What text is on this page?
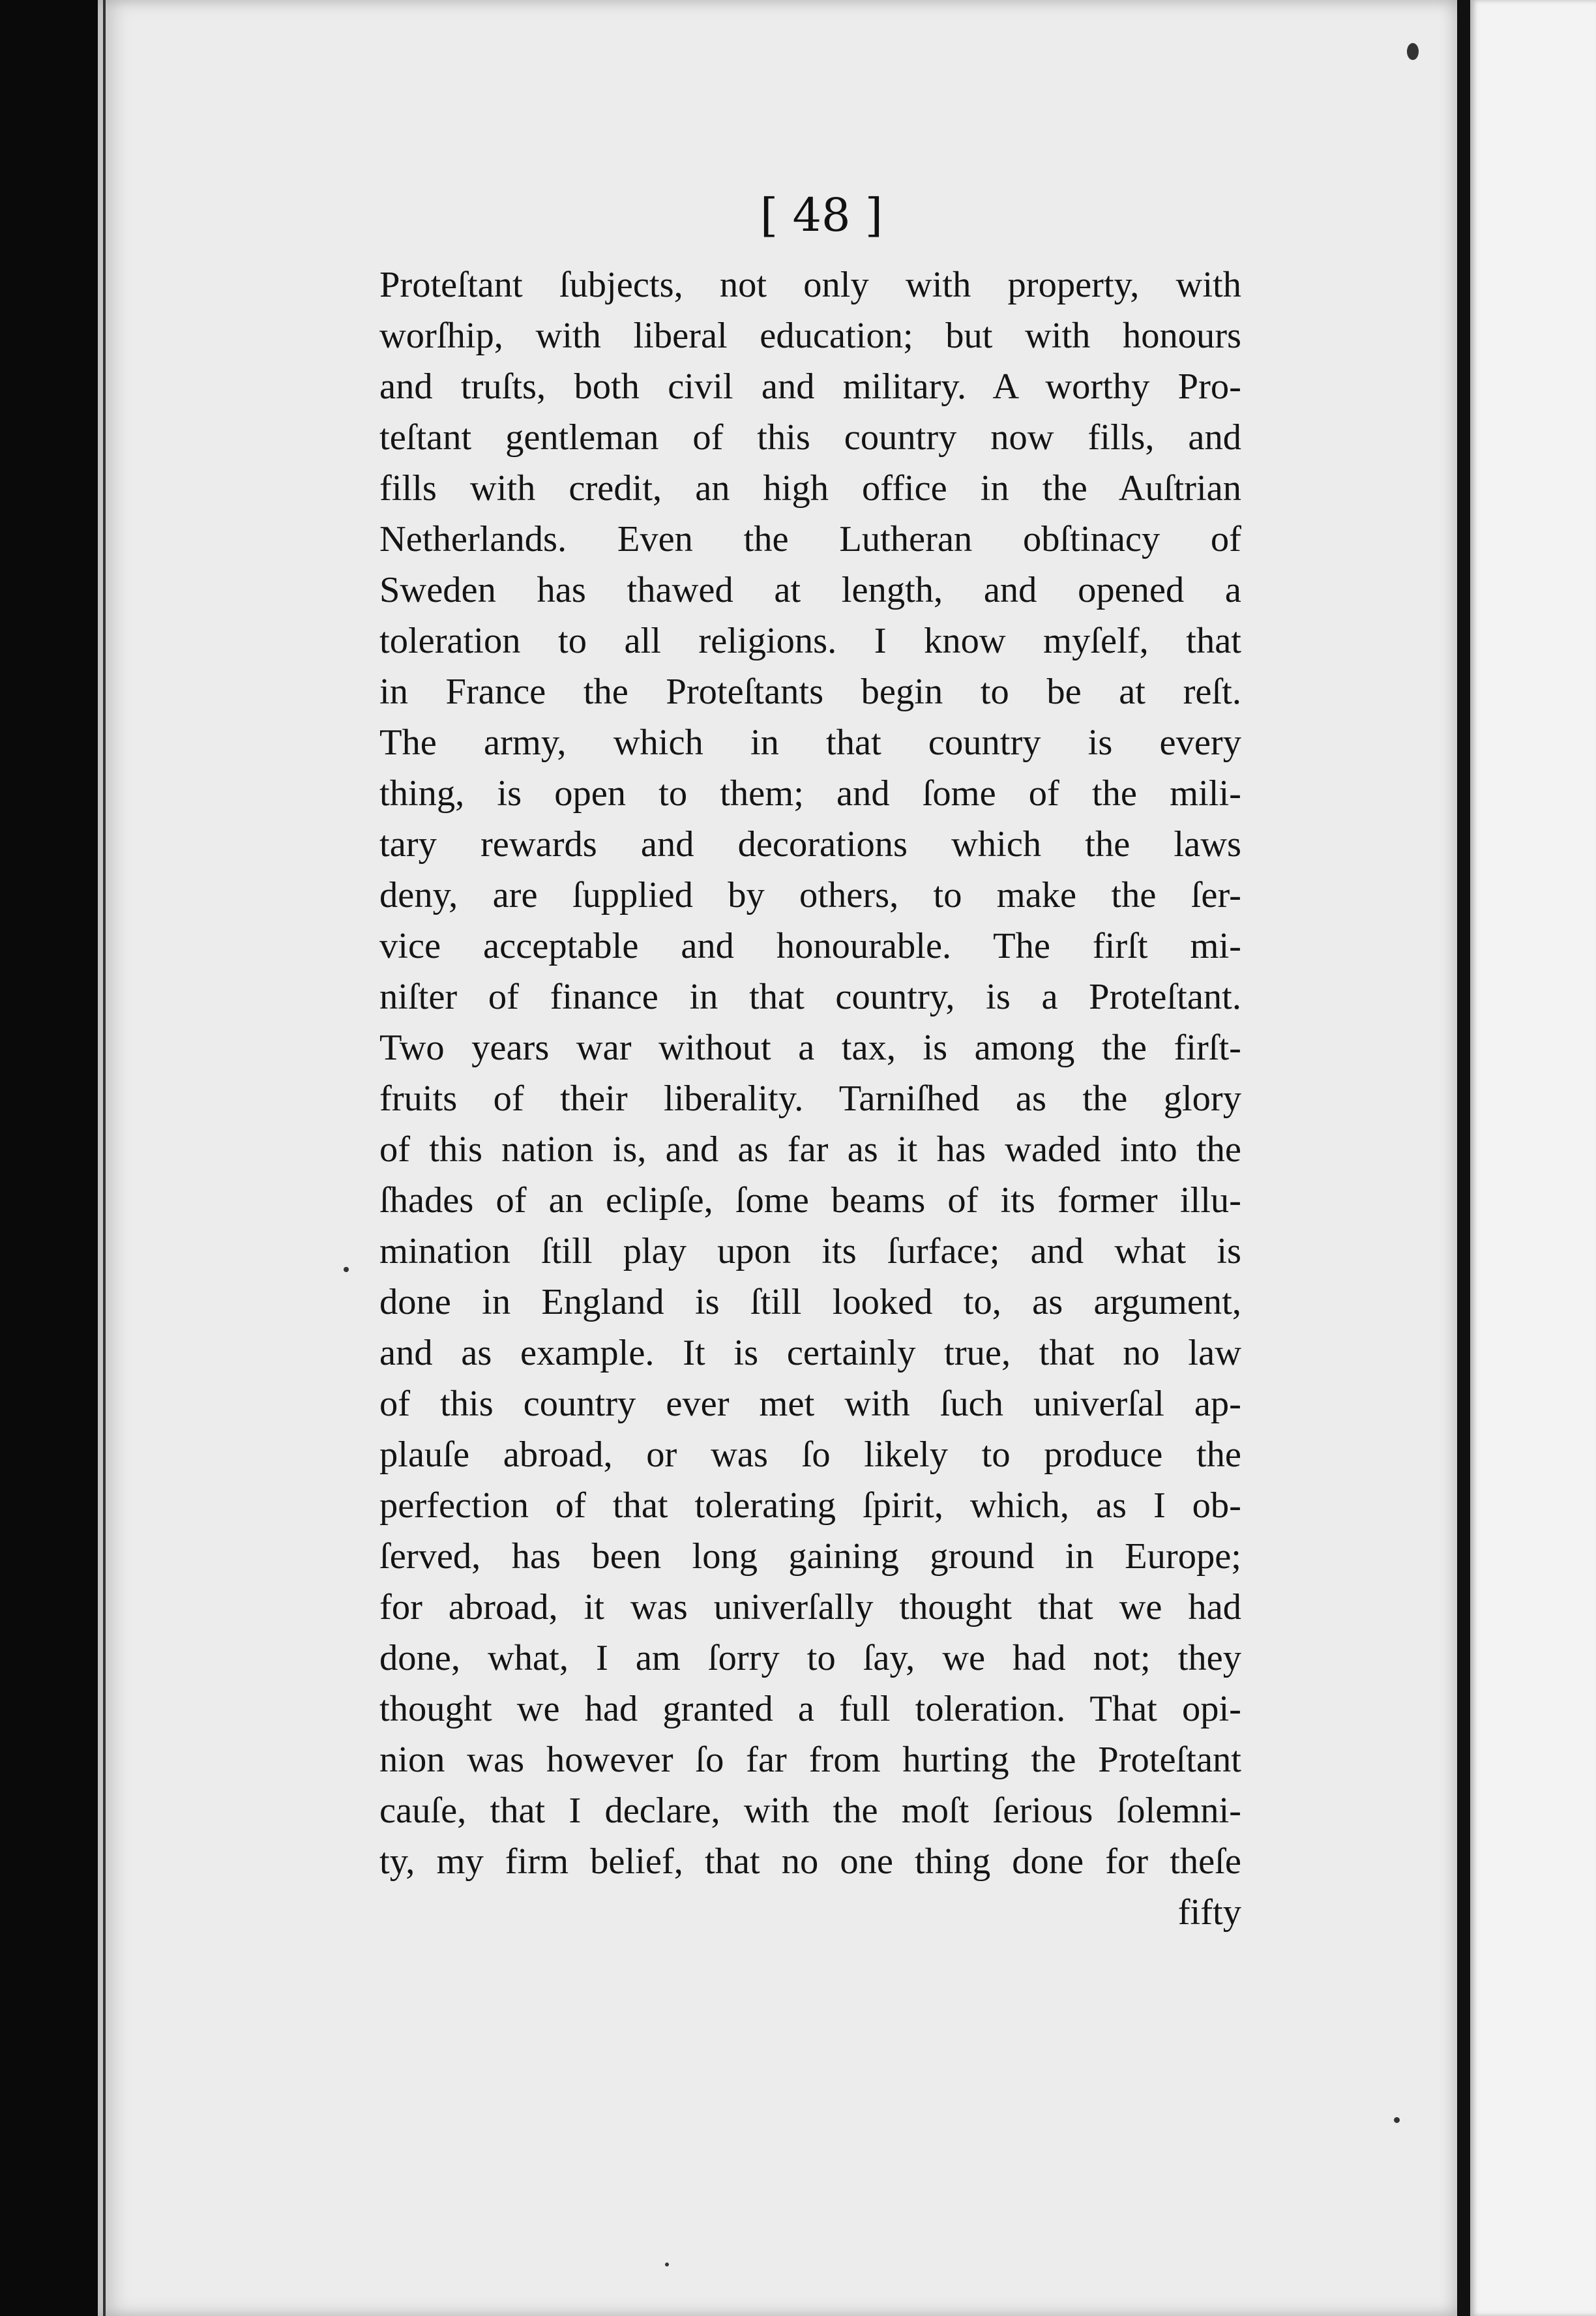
[ 48 ]
Proteſtant ſubjects, not only with property, with
worſhip, with liberal education; but with honours
and truſts, both civil and military. A worthy Pro-
teſtant gentleman of this country now fills, and
fills with credit, an high office in the Auſtrian
Netherlands. Even the Lutheran obſtinacy of
Sweden has thawed at length, and opened a
toleration to all religions. I know myſelf, that
in France the Proteſtants begin to be at reſt.
The army, which in that country is every
thing, is open to them; and ſome of the mili-
tary rewards and decorations which the laws
deny, are ſupplied by others, to make the ſer-
vice acceptable and honourable. The firſt mi-
niſter of finance in that country, is a Proteſtant.
Two years war without a tax, is among the firſt-
fruits of their liberality. Tarniſhed as the glory
of this nation is, and as far as it has waded into the
ſhades of an eclipſe, ſome beams of its former illu-
mination ſtill play upon its ſurface; and what is
done in England is ſtill looked to, as argument,
and as example. It is certainly true, that no law
of this country ever met with ſuch univerſal ap-
plauſe abroad, or was ſo likely to produce the
perfection of that tolerating ſpirit, which, as I ob-
ſerved, has been long gaining ground in Europe;
for abroad, it was univerſally thought that we had
done, what, I am ſorry to ſay, we had not; they
thought we had granted a full toleration. That opi-
nion was however ſo far from hurting the Proteſtant
cauſe, that I declare, with the moſt ſerious ſolemni-
ty, my firm belief, that no one thing done for theſe
fifty
